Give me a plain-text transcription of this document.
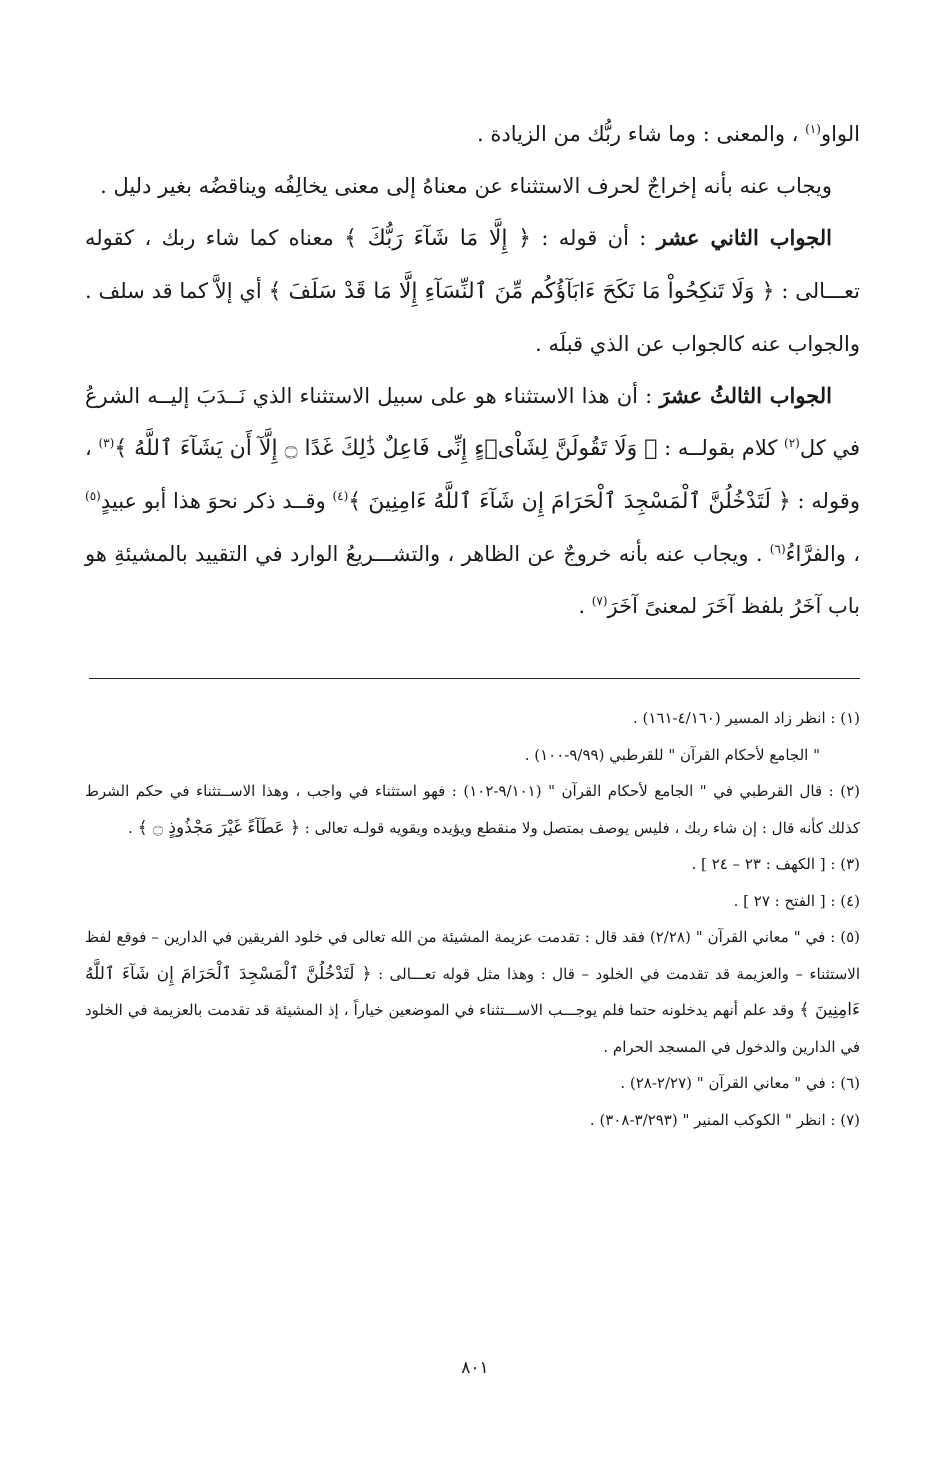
الواو$^{(١)}$ ، والمعنى : وما شاء ربُّك من الزيادة .

ويجاب عنه بأنه إخراجٌ لحرف الاستثناء عن معناهُ إلى معنى يخالِفُه ويناقضُه بغير دليل .

الجواب الثاني عشر : أن قوله : ﴿ إِلَّا مَا شَآءَ رَبُّكَ ﴾ معناه كما شاء ربك ، كقوله تعـــالى : ﴿ وَلَا تَنكِحُواْ مَا نَكَحَ ءَابَآؤُكُم مِّنَ ٱلنِّسَآءِ إِلَّا مَا قَدْ سَلَفَ ﴾ أي إلاَّ كما قد سلف . والجواب عنه كالجواب عن الذي قبلَه .

الجواب الثالثُ عشرَ : أن هذا الاستثناء هو على سبيل الاستثناء الذي نَــدَبَ إليــه الشرعُ في كل$^{(٢)}$ كلام بقولــه : ﴿ وَلَا تَقُولَنَّ لِشَاْىۡءٍ إِنِّى فَاعِلٌ ذَٰلِكَ غَدًا ۝ إِلَّآ أَن يَشَآءَ ٱللَّهُ ﴾$^{(٣)}$ ، وقوله : ﴿ لَتَدْخُلُنَّ ٱلْمَسْجِدَ ٱلْحَرَامَ إِن شَآءَ ٱللَّهُ ءَامِنِينَ ﴾$^{(٤)}$ وقــد ذكر نحوَ هذا أبو عبيدٍ$^{(٥)}$ ، والفرَّاءُ$^{(٦)}$ . ويجاب عنه بأنه خروجٌ عن الظاهر ، والتشـــريعُ الوارد في التقييد بالمشيئةِ هو باب آخَرُ بلفظ آخَرَ لمعنىً آخَرَ$^{(٧)}$ .

(١) : انظر زاد المسير (٤/١٦٠-١٦١) .

" الجامع لأحكام القرآن " للقرطبي (٩/٩٩-١٠٠) .

(٢) : قال القرطبي في " الجامع لأحكام القرآن " (٩/١٠١-١٠٢) : فهو استثناء في واجب ، وهذا الاســتثناء في حكم الشرط كذلك كأنه قال : إن شاء ربك ، فليس يوصف بمتصل ولا منقطع ويؤيده ويقويه قولـه تعالى : ﴿ عَطَآءً غَيْرَ مَجْذُوذٍ ۝ ﴾ .

(٣) : [ الكهف : ٢٣ – ٢٤ ] .

(٤) : [ الفتح : ٢٧ ] .

(٥) : في " معاني القرآن " (٢/٢٨) فقد قال : تقدمت عزيمة المشيئة من الله تعالى في خلود الفريقين في الدارين – فوقع لفظ الاستثناء – والعزيمة قد تقدمت في الخلود – قال : وهذا مثل قوله تعـــالى : ﴿ لَتَدْخُلُنَّ ٱلْمَسْجِدَ ٱلْحَرَامَ إِن شَآءَ ٱللَّهُ ءَامِنِينَ ﴾ وقد علم أنهم يدخلونه حتما فلم يوجـــب الاســـتثناء في الموضعين خياراً ، إذ المشيئة قد تقدمت بالعزيمة في الخلود في الدارين والدخول في المسجد الحرام .

(٦) : في " معاني القرآن " (٢/٢٧-٢٨) .

(٧) : انظر " الكوكب المنير " (٣/٢٩٣-٣٠٨) .

٨٠١
